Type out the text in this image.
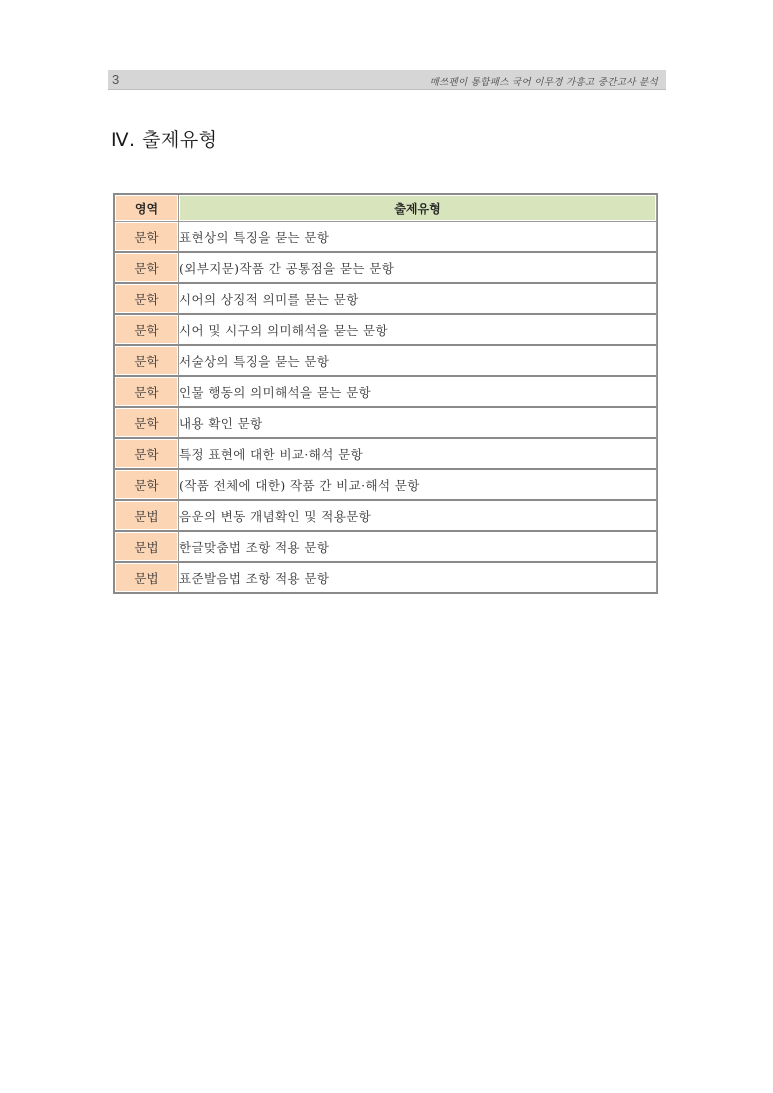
3	매쓰펜이 통합패스 국어 이무경 가흥고 중간고사 분석
Ⅳ. 출제유형
영역	출제유형
문학	표현상의 특징을 묻는 문항
문학	(외부지문)작품 간 공통점을 묻는 문항
문학	시어의 상징적 의미를 묻는 문항
문학	시어 및 시구의 의미해석을 묻는 문항
문학	서술상의 특징을 묻는 문항
문학	인물 행동의 의미해석을 묻는 문항
문학	내용 확인 문항
문학	특정 표현에 대한 비교·해석 문항
문학	(작품 전체에 대한) 작품 간 비교·해석 문항
문법	음운의 변동 개념확인 및 적용문항
문법	한글맞춤법 조항 적용 문항
문법	표준발음법 조항 적용 문항
